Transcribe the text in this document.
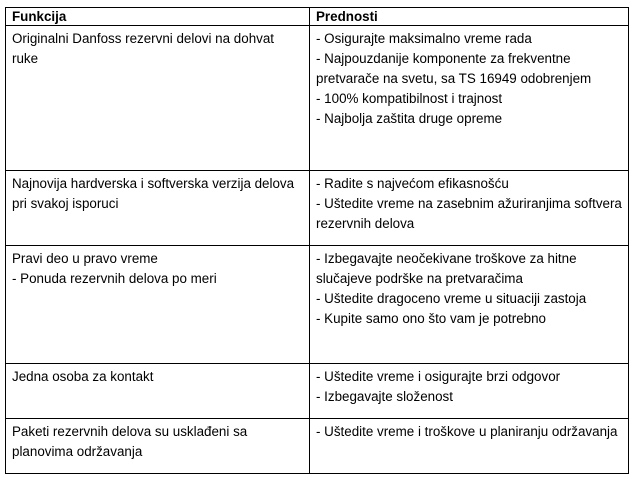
Funkcija	Prednosti

Originalni Danfoss rezervni delovi na dohvat ruke	- Osigurajte maksimalno vreme rada
- Najpouzdanije komponente za frekventne pretvarače na svetu, sa TS 16949 odobrenjem
- 100% kompatibilnost i trajnost
- Najbolja zaštita druge opreme

Najnovija hardverska i softverska verzija delova pri svakoj isporuci	- Radite s najvećom efikasnošću
- Uštedite vreme na zasebnim ažuriranjima softvera rezervnih delova

Pravi deo u pravo vreme
- Ponuda rezervnih delova po meri	- Izbegavajte neočekivane troškove za hitne slučajeve podrške na pretvaračima
- Uštedite dragoceno vreme u situaciji zastoja
- Kupite samo ono što vam je potrebno

Jedna osoba za kontakt	- Uštedite vreme i osigurajte brzi odgovor
- Izbegavajte složenost

Paketi rezervnih delova su usklađeni sa planovima održavanja	- Uštedite vreme i troškove u planiranju održavanja
